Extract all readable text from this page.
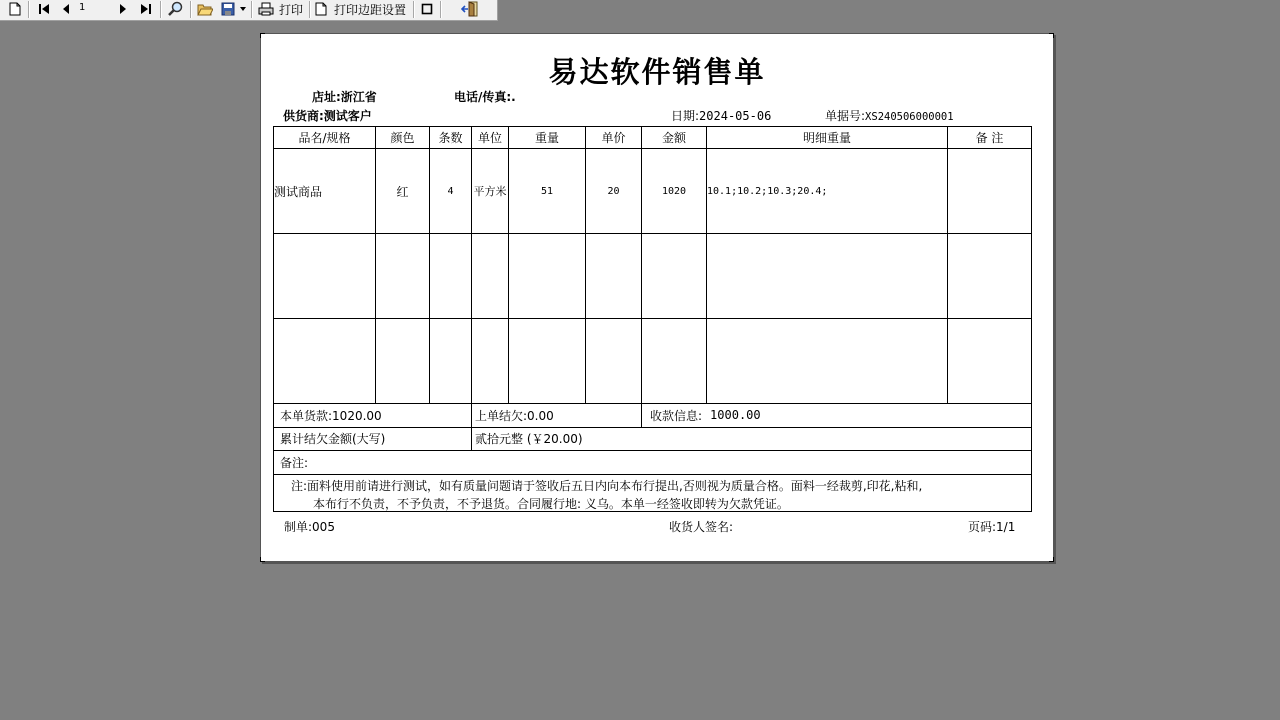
1	打印	打印边距设置
易达软件销售单
店址:浙江省	电话/传真:.
供货商:测试客户	日期:2024-05-06	单据号:XS240506000001
品名/规格	颜色	条数	单位	重量	单价	金额	明细重量	备 注
测试商品	红	4	平方米	51	20	1020	10.1;10.2;10.3;20.4;	

本单货款:1020.00	上单结欠:0.00	收款信息: 1000.00
累计结欠金额(大写)	贰拾元整 (￥20.00)
备注:
注:面料使用前请进行测试，如有质量问题请于签收后五日内向本布行提出,否则视为质量合格。面料一经裁剪,印花,粘和,
本布行不负责，不予负责，不予退货。合同履行地: 义乌。本单一经签收即转为欠款凭证。
制单:005	收货人签名:	页码:1/1
